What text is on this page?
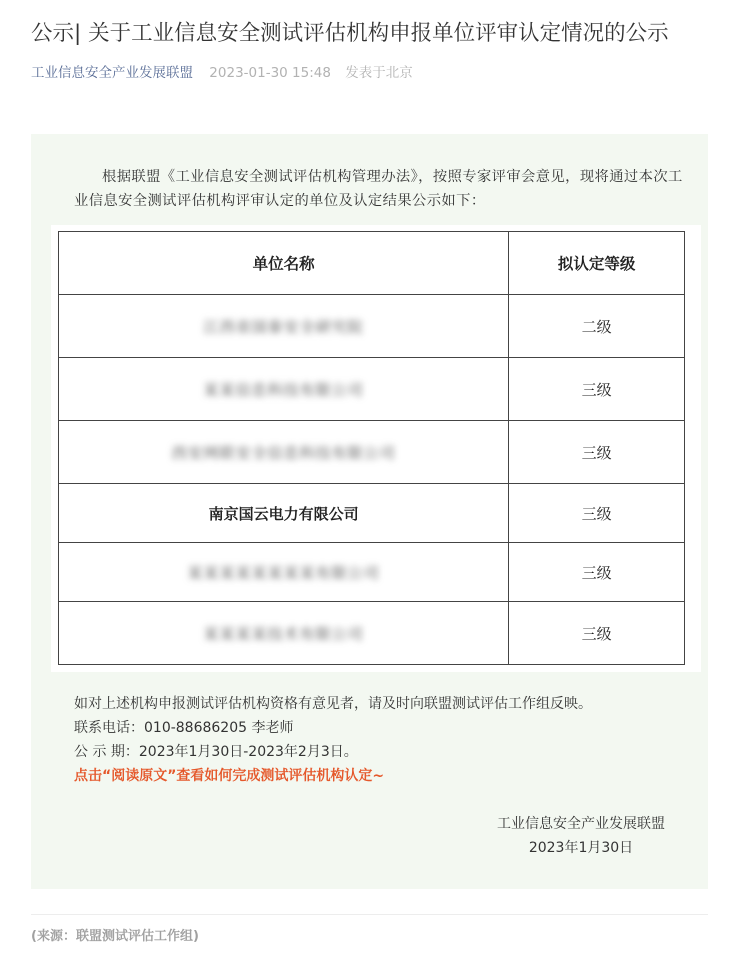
公示| 关于工业信息安全测试评估机构申报单位评审认定情况的公示
工业信息安全产业发展联盟 2023-01-30 15:48 发表于北京
根据联盟《工业信息安全测试评估机构管理办法》，按照专家评审会意见，现将通过本次工业信息安全测试评估机构评审认定的单位及认定结果公示如下：
单位名称	拟认定等级
江西省国泰安全研究院	二级
某某信息科技有限公司	三级
西安网联安全信息科技有限公司	三级
南京国云电力有限公司	三级
某某某某某某某某有限公司	三级
某某某某技术有限公司	三级
如对上述机构申报测试评估机构资格有意见者，请及时向联盟测试评估工作组反映。
联系电话：010-88686205 李老师
公 示 期：2023年1月30日-2023年2月3日。
点击“阅读原文”查看如何完成测试评估机构认定~
工业信息安全产业发展联盟
2023年1月30日
(来源：联盟测试评估工作组)
